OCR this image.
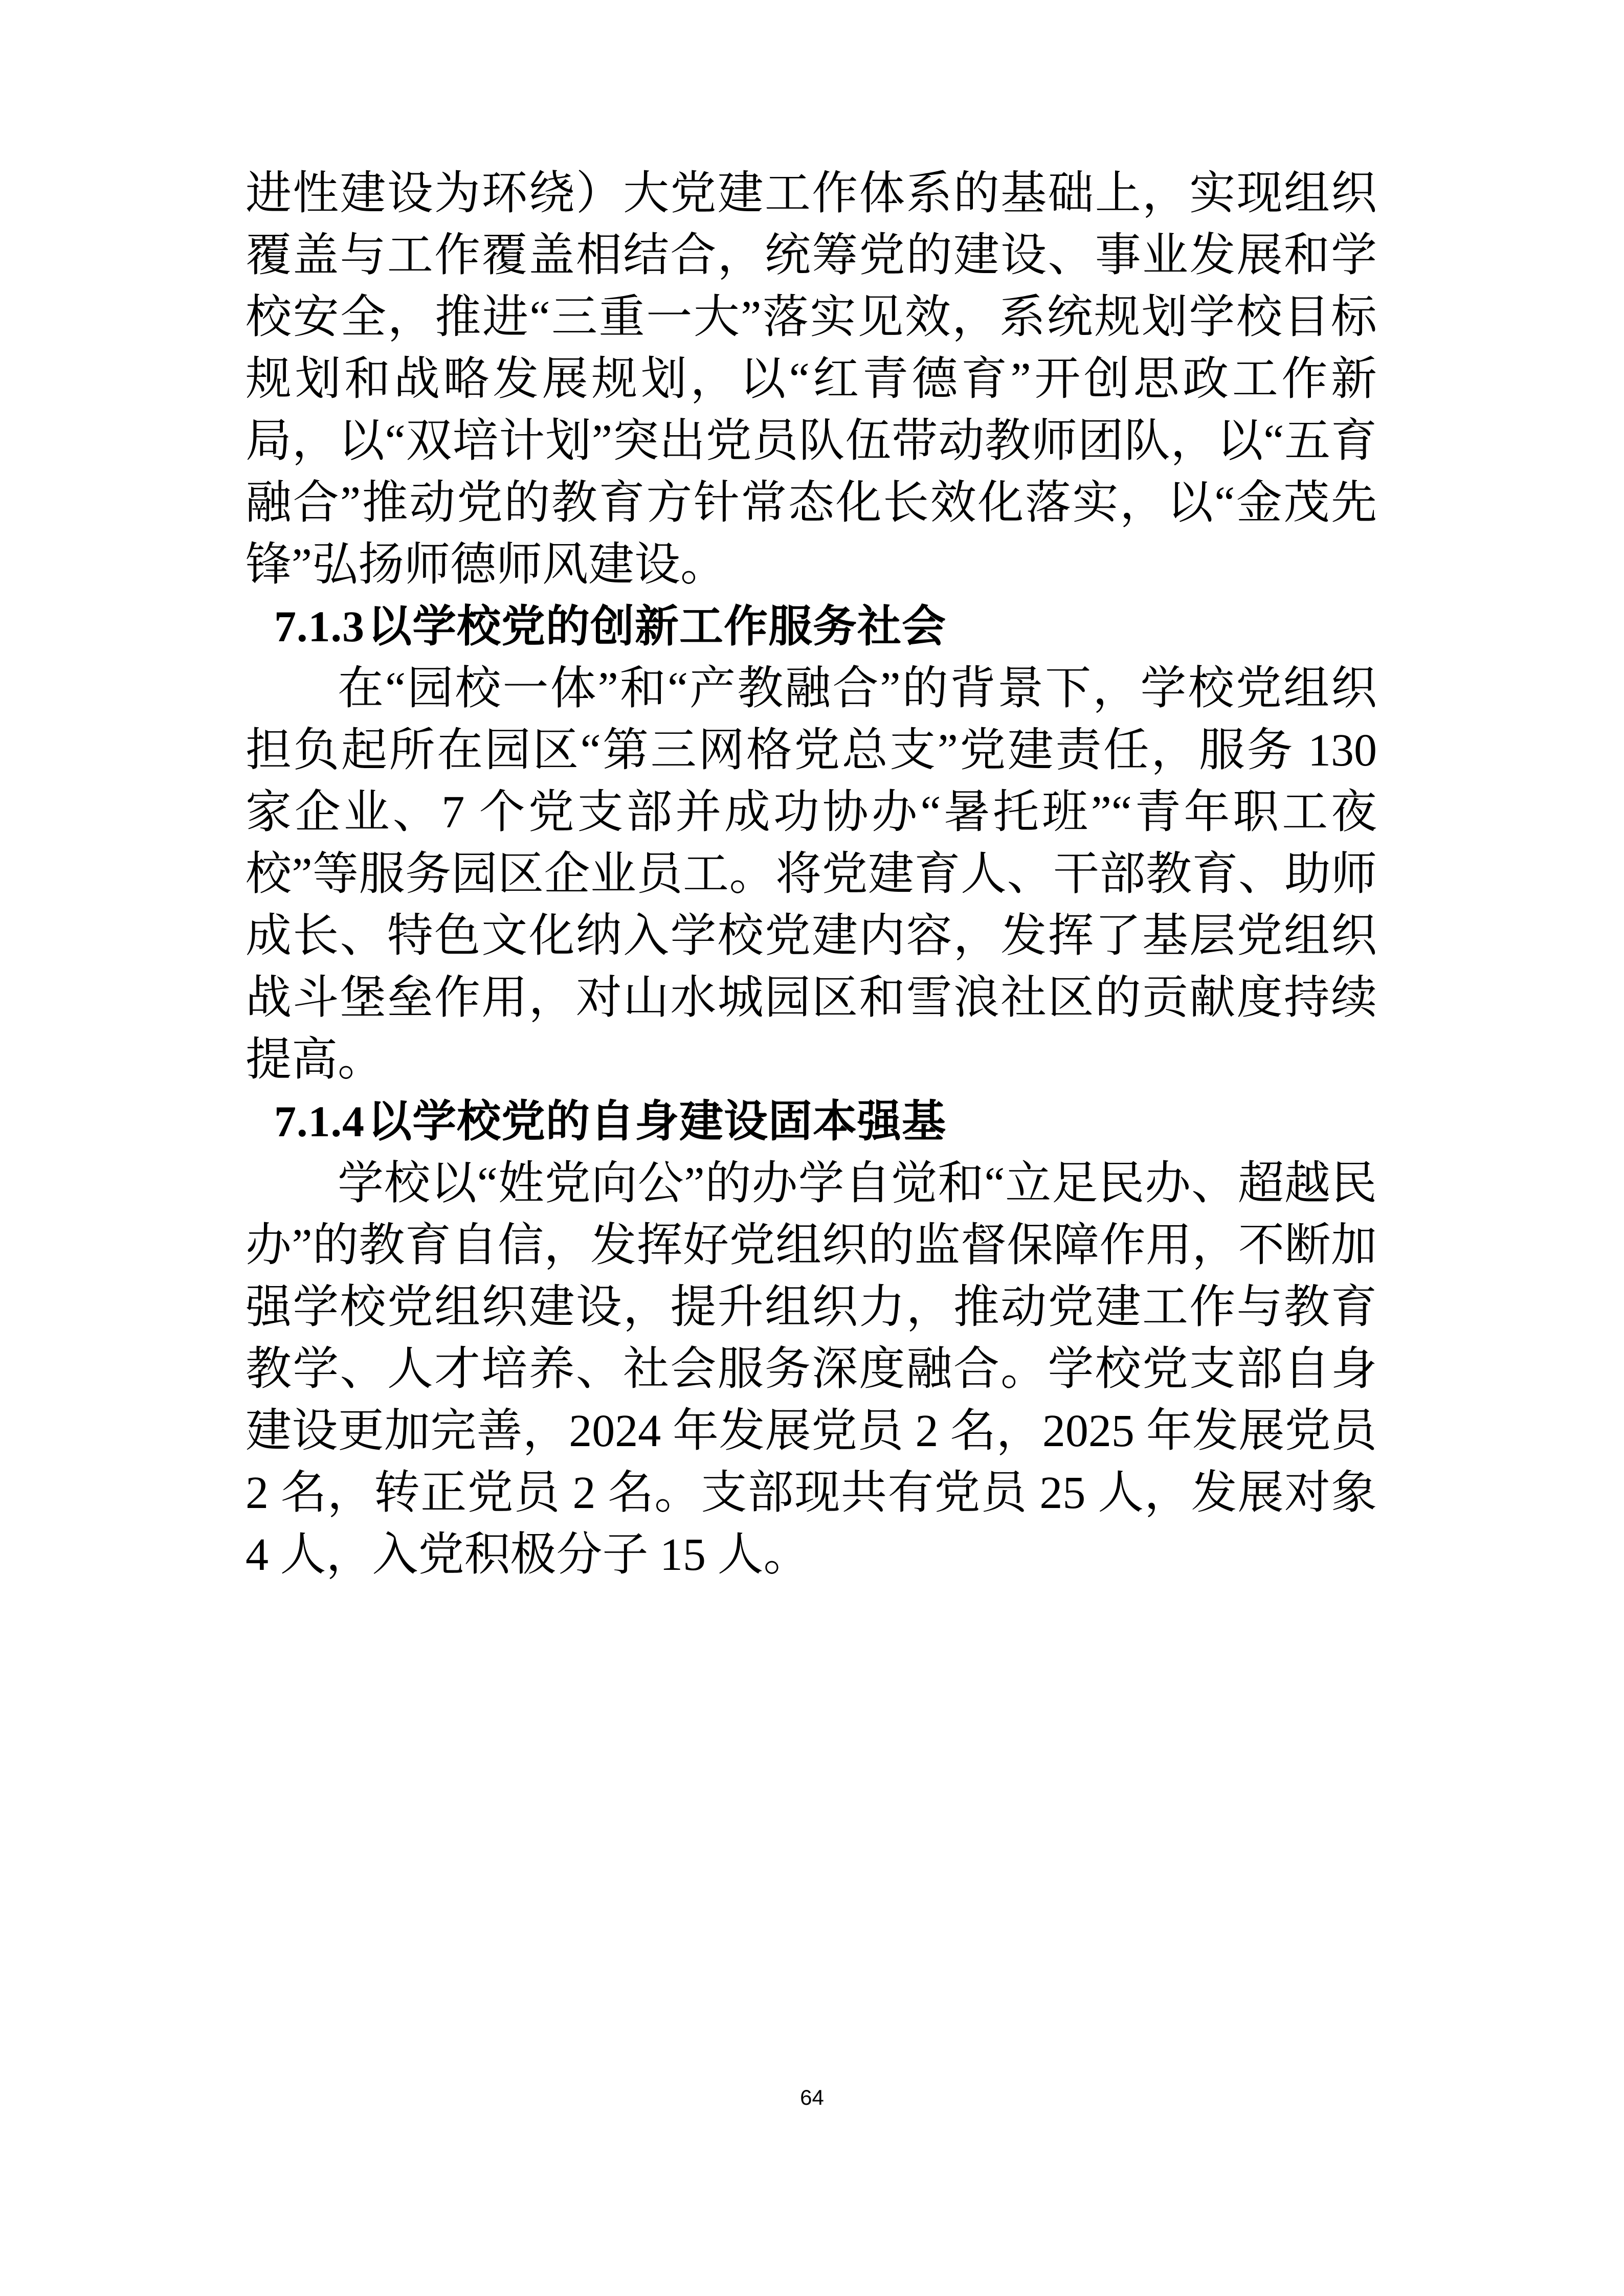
进性建设为环绕）大党建工作体系的基础上，实现组织覆盖与工作覆盖相结合，统筹党的建设、事业发展和学校安全，推进“三重一大”落实见效，系统规划学校目标规划和战略发展规划，以“红青德育”开创思政工作新局，以“双培计划”突出党员队伍带动教师团队，以“五育融合”推动党的教育方针常态化长效化落实，以“金茂先锋”弘扬师德师风建设。

7.1.3以学校党的创新工作服务社会

在“园校一体”和“产教融合”的背景下，学校党组织担负起所在园区“第三网格党总支”党建责任，服务 130 家企业、7 个党支部并成功协办“暑托班”“青年职工夜校”等服务园区企业员工。将党建育人、干部教育、助师成长、特色文化纳入学校党建内容，发挥了基层党组织战斗堡垒作用，对山水城园区和雪浪社区的贡献度持续提高。

7.1.4以学校党的自身建设固本强基

学校以“姓党向公”的办学自觉和“立足民办、超越民办”的教育自信，发挥好党组织的监督保障作用，不断加强学校党组织建设，提升组织力，推动党建工作与教育教学、人才培养、社会服务深度融合。学校党支部自身建设更加完善，2024 年发展党员 2 名，2025 年发展党员 2 名，转正党员 2 名。支部现共有党员 25 人，发展对象 4 人，入党积极分子 15 人。

64
